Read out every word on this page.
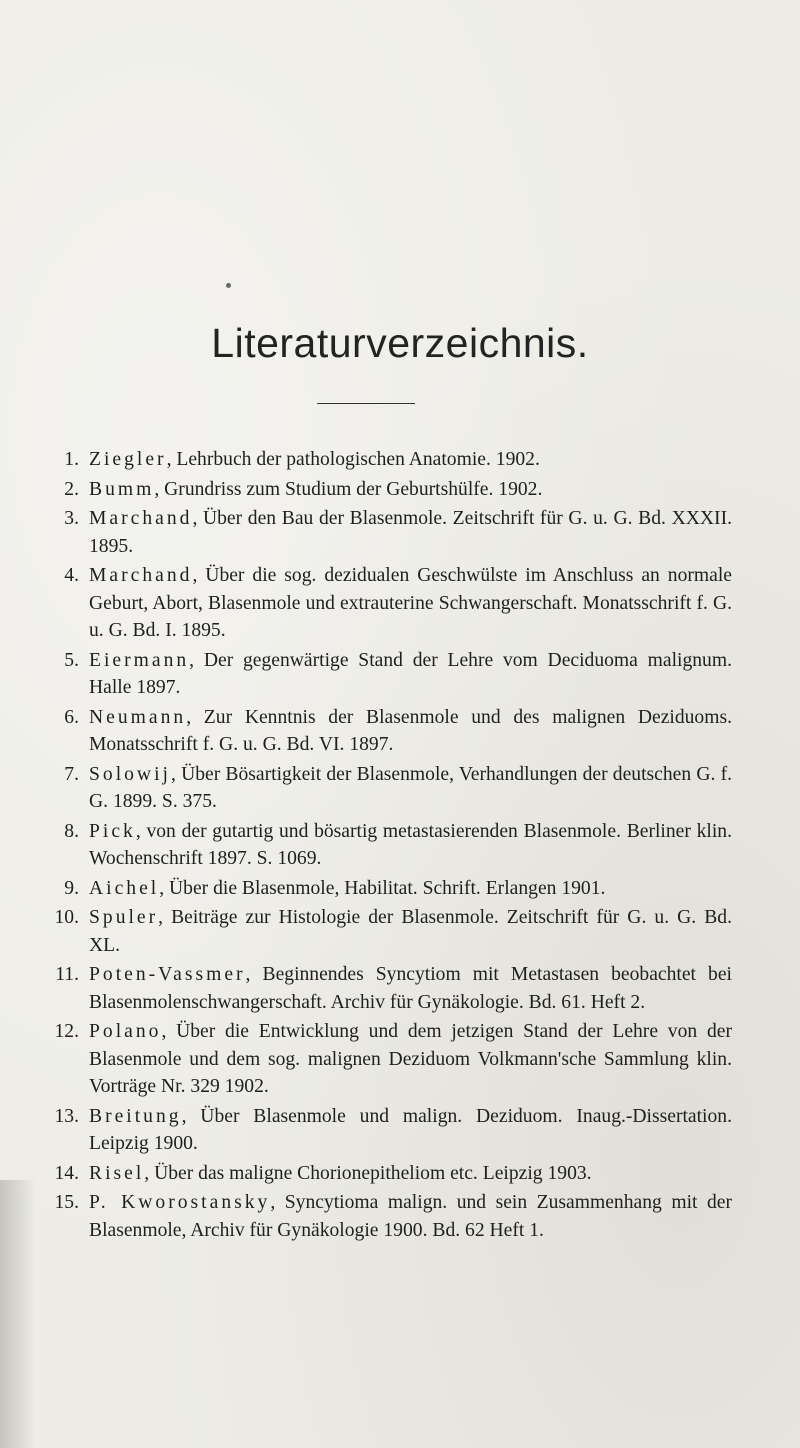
Literaturverzeichnis.
1. Ziegler, Lehrbuch der pathologischen Anatomie. 1902.
2. Bumm, Grundriss zum Studium der Geburtshülfe. 1902.
3. Marchand, Über den Bau der Blasenmole. Zeitschrift für G. u. G. Bd. XXXII. 1895.
4. Marchand, Über die sog. dezidualen Geschwülste im Anschluss an normale Geburt, Abort, Blasenmole und extrauterine Schwangerschaft. Monatsschrift f. G. u. G. Bd. I. 1895.
5. Eiermann, Der gegenwärtige Stand der Lehre vom Deciduoma malignum. Halle 1897.
6. Neumann, Zur Kenntnis der Blasenmole und des malignen Deziduoms. Monatsschrift f. G. u. G. Bd. VI. 1897.
7. Solowij, Über Bösartigkeit der Blasenmole, Verhandlungen der deutschen G. f. G. 1899. S. 375.
8. Pick, von der gutartig und bösartig metastasierenden Blasenmole. Berliner klin. Wochenschrift 1897. S. 1069.
9. Aichel, Über die Blasenmole, Habilitat. Schrift. Erlangen 1901.
10. Spuler, Beiträge zur Histologie der Blasenmole. Zeitschrift für G. u. G. Bd. XL.
11. Poten-Vassmer, Beginnendes Syncytiom mit Metastasen beobachtet bei Blasenmolenschwangerschaft. Archiv für Gynäkologie. Bd. 61. Heft 2.
12. Polano, Über die Entwicklung und dem jetzigen Stand der Lehre von der Blasenmole und dem sog. malignen Deziduom Volkmann'sche Sammlung klin. Vorträge Nr. 329 1902.
13. Breitung, Über Blasenmole und malign. Deziduom. Inaug.-Dissertation. Leipzig 1900.
14. Risel, Über das maligne Chorionepitheliom etc. Leipzig 1903.
15. P. Kworostansky, Syncytioma malign. und sein Zusammenhang mit der Blasenmole, Archiv für Gynäkologie 1900. Bd. 62 Heft 1.
